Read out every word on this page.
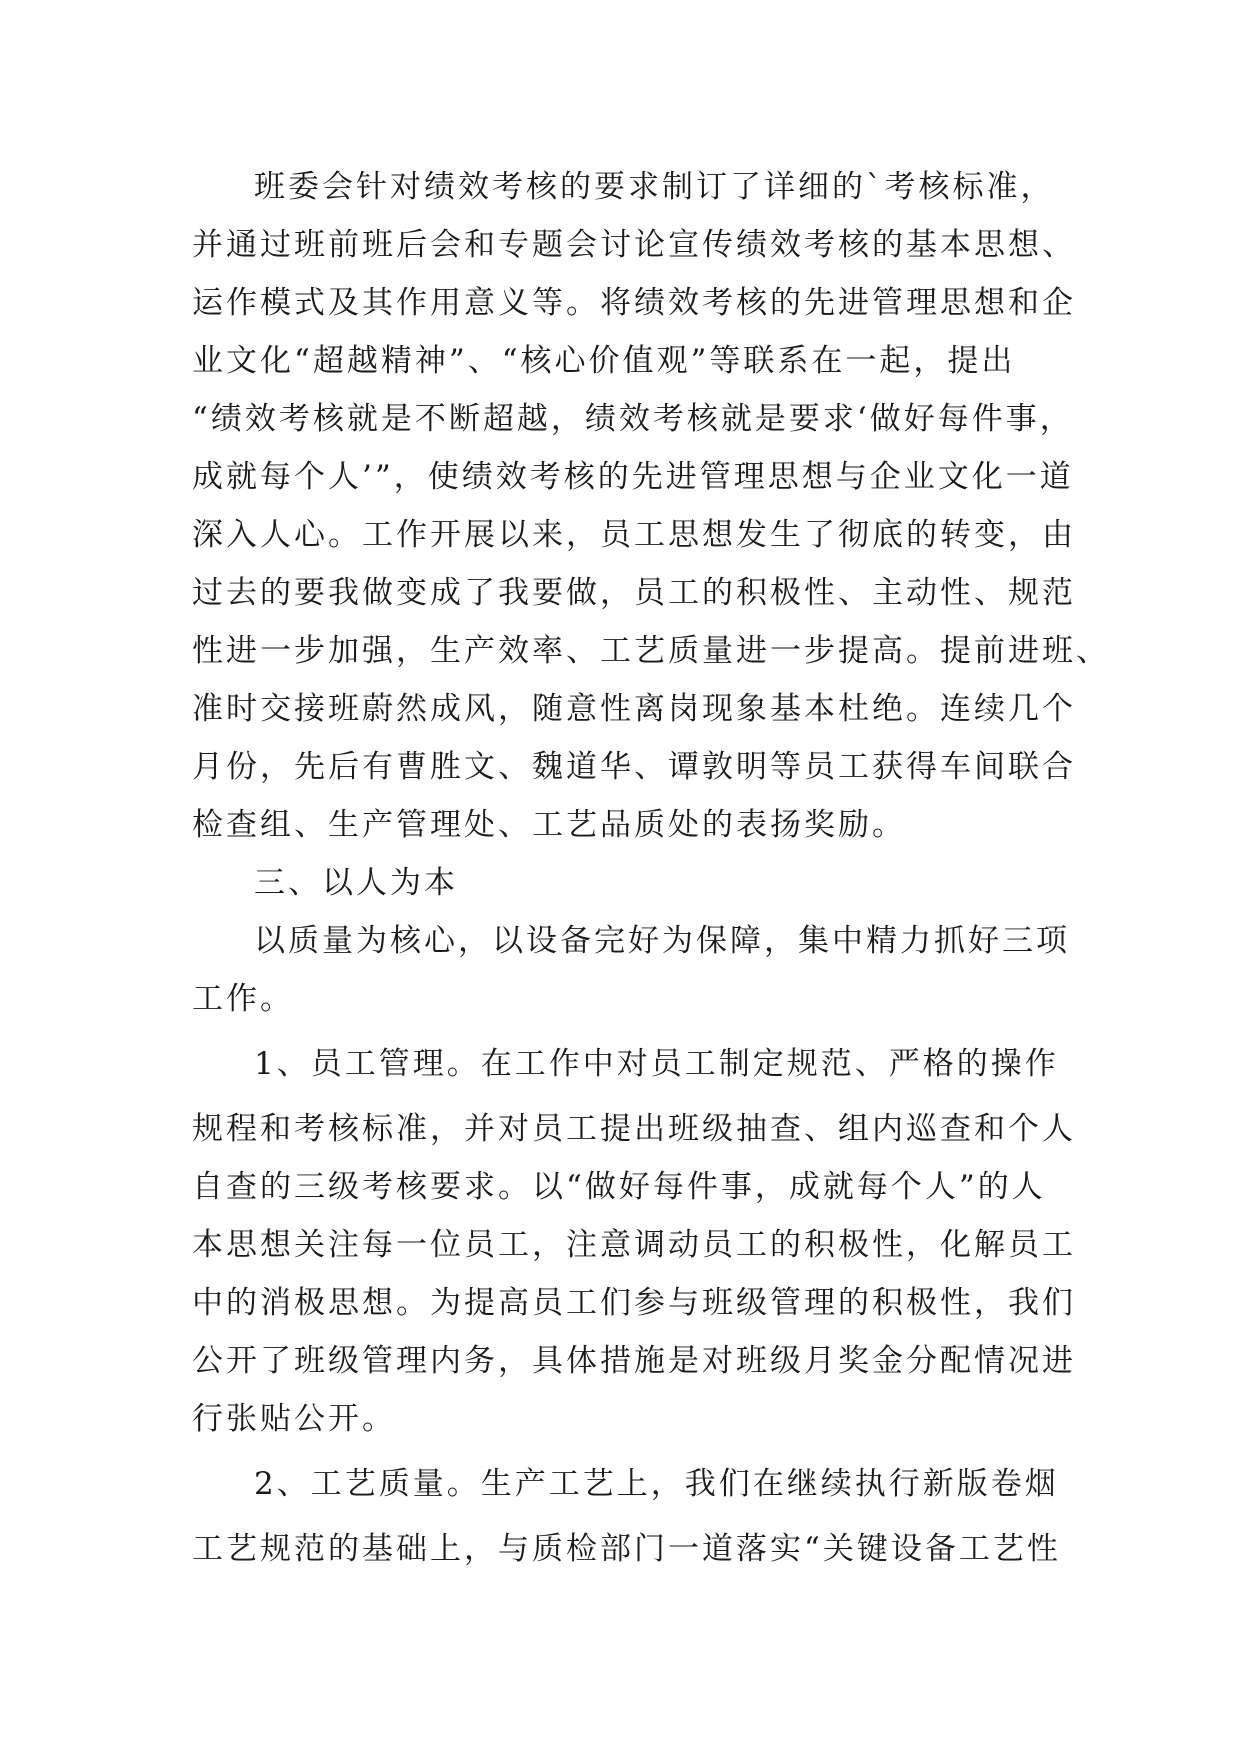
班委会针对绩效考核的要求制订了详细的`考核标准，
并通过班前班后会和专题会讨论宣传绩效考核的基本思想、
运作模式及其作用意义等。将绩效考核的先进管理思想和企
业文化“超越精神”、“核心价值观”等联系在一起，提出
“绩效考核就是不断超越，绩效考核就是要求‘做好每件事，
成就每个人’”，使绩效考核的先进管理思想与企业文化一道
深入人心。工作开展以来，员工思想发生了彻底的转变，由
过去的要我做变成了我要做，员工的积极性、主动性、规范
性进一步加强，生产效率、工艺质量进一步提高。提前进班、
准时交接班蔚然成风，随意性离岗现象基本杜绝。连续几个
月份，先后有曹胜文、魏道华、谭敦明等员工获得车间联合
检查组、生产管理处、工艺品质处的表扬奖励。
三、以人为本
以质量为核心，以设备完好为保障，集中精力抓好三项
工作。
1、员工管理。在工作中对员工制定规范、严格的操作
规程和考核标准，并对员工提出班级抽查、组内巡查和个人
自查的三级考核要求。以“做好每件事，成就每个人”的人
本思想关注每一位员工，注意调动员工的积极性，化解员工
中的消极思想。为提高员工们参与班级管理的积极性，我们
公开了班级管理内务，具体措施是对班级月奖金分配情况进
行张贴公开。
2、工艺质量。生产工艺上，我们在继续执行新版卷烟
工艺规范的基础上，与质检部门一道落实“关键设备工艺性
